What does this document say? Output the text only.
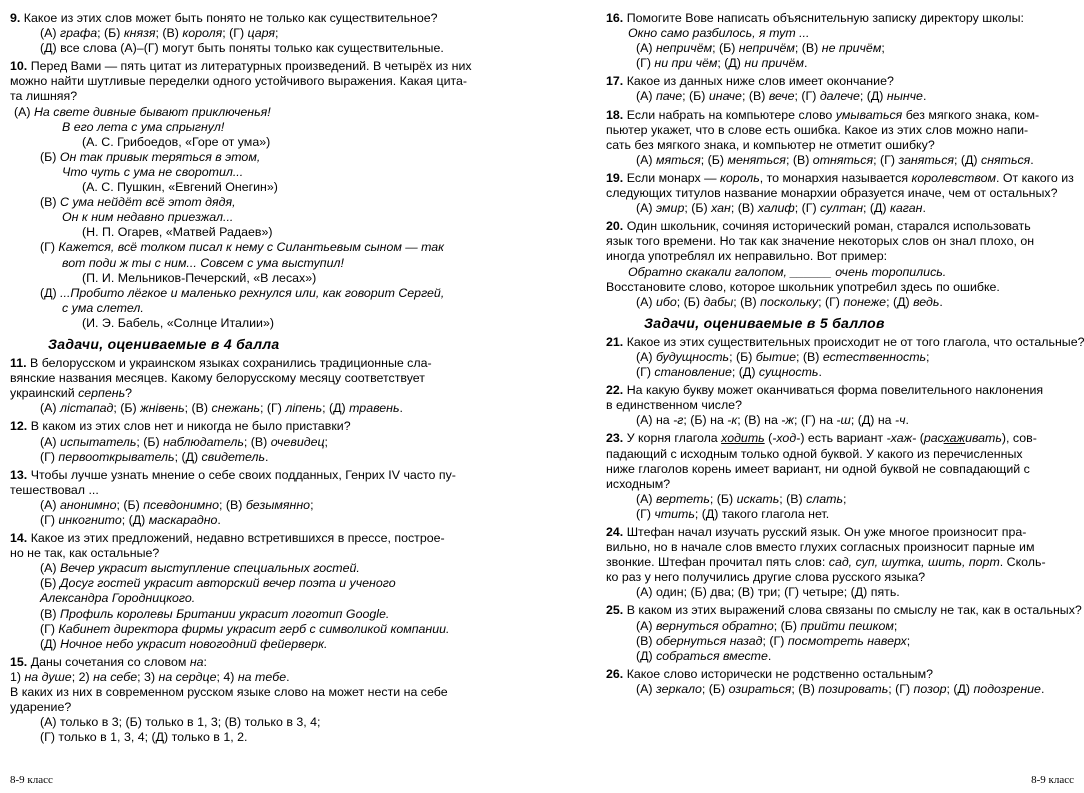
9. Какое из этих слов может быть понято не только как существительное?
(А) графа; (Б) князя; (В) короля; (Г) царя;
(Д) все слова (А)–(Г) могут быть поняты только как существительные.
10. Перед Вами — пять цитат из литературных произведений. В четырёх из них
можно найти шутливые переделки одного устойчивого выражения. Какая цита-
та лишняя?
(А) На свете дивные бывают приключенья!
В его лета с ума спрыгнул!
(А. С. Грибоедов, «Горе от ума»)
(Б) Он так привык теряться в этом,
Что чуть с ума не своротил...
(А. С. Пушкин, «Евгений Онегин»)
(В) С ума нейдёт всё этот дядя,
Он к ним недавно приезжал...
(Н. П. Огарев, «Матвей Радаев»)
(Г) Кажется, всё толком писал к нему с Силантьевым сыном — так
вот поди ж ты с ним... Совсем с ума выступил!
(П. И. Мельников-Печерский, «В лесах»)
(Д) ...Пробито лёгкое и маленько рехнулся или, как говорит Сергей,
с ума слетел.
(И. Э. Бабель, «Солнце Италии»)
Задачи, оцениваемые в 4 балла
11. В белорусском и украинском языках сохранились традиционные сла-
вянские названия месяцев. Какому белорусскому месяцу соответствует
украинский серпень?
(А) лістапад; (Б) жнівень; (В) снежань; (Г) ліпень; (Д) травень.
12. В каком из этих слов нет и никогда не было приставки?
(А) испытатель; (Б) наблюдатель; (В) очевидец;
(Г) первооткрыватель; (Д) свидетель.
13. Чтобы лучше узнать мнение о себе своих подданных, Генрих IV часто пу-
тешествовал ...
(А) анонимно; (Б) псевдонимно; (В) безымянно;
(Г) инкогнито; (Д) маскарадно.
14. Какое из этих предложений, недавно встретившихся в прессе, построе-
но не так, как остальные?
(А) Вечер украсит выступление специальных гостей.
(Б) Досуг гостей украсит авторский вечер поэта и ученого
Александра Городницкого.
(В) Профиль королевы Британии украсит логотип Google.
(Г) Кабинет директора фирмы украсит герб с символикой компании.
(Д) Ночное небо украсит новогодний фейерверк.
15. Даны сочетания со словом на:
1) на душе; 2) на себе; 3) на сердце; 4) на тебе.
В каких из них в современном русском языке слово на может нести на себе
ударение?
(А) только в 3; (Б) только в 1, 3; (В) только в 3, 4;
(Г) только в 1, 3, 4; (Д) только в 1, 2.
16. Помогите Вове написать объяснительную записку директору школы:
Окно само разбилось, я тут ...
(А) непричём; (Б) непричём; (В) не причём;
(Г) ни при чём; (Д) ни причём.
17. Какое из данных ниже слов имеет окончание?
(А) паче; (Б) иначе; (В) вече; (Г) далече; (Д) нынче.
18. Если набрать на компьютере слово умываться без мягкого знака, ком-
пьютер укажет, что в слове есть ошибка. Какое из этих слов можно напи-
сать без мягкого знака, и компьютер не отметит ошибку?
(А) мяться; (Б) меняться; (В) отняться; (Г) заняться; (Д) сняться.
19. Если монарх — король, то монархия называется королевством. От какого из
следующих титулов название монархии образуется иначе, чем от остальных?
(А) эмир; (Б) хан; (В) халиф; (Г) султан; (Д) каган.
20. Один школьник, сочиняя исторический роман, старался использовать
язык того времени. Но так как значение некоторых слов он знал плохо, он
иногда употреблял их неправильно. Вот пример:
Обратно скакали галопом, ______ очень торопились.
Восстановите слово, которое школьник употребил здесь по ошибке.
(А) ибо; (Б) дабы; (В) поскольку; (Г) понеже; (Д) ведь.
Задачи, оцениваемые в 5 баллов
21. Какое из этих существительных происходит не от того глагола, что остальные?
(А) будущность; (Б) бытие; (В) естественность;
(Г) становление; (Д) сущность.
22. На какую букву может оканчиваться форма повелительного наклонения
в единственном числе?
(А) на -г; (Б) на -к; (В) на -ж; (Г) на -ш; (Д) на -ч.
23. У корня глагола ходить (-ход-) есть вариант -хаж- (расхаживать), сов-
падающий с исходным только одной буквой. У какого из перечисленных
ниже глаголов корень имеет вариант, ни одной буквой не совпадающий с
исходным?
(А) вертеть; (Б) искать; (В) слать;
(Г) чтить; (Д) такого глагола нет.
24. Штефан начал изучать русский язык. Он уже многое произносит пра-
вильно, но в начале слов вместо глухих согласных произносит парные им
звонкие. Штефан прочитал пять слов: сад, суп, шутка, шить, порт. Сколь-
ко раз у него получились другие слова русского языка?
(А) один; (Б) два; (В) три; (Г) четыре; (Д) пять.
25. В каком из этих выражений слова связаны по смыслу не так, как в остальных?
(А) вернуться обратно; (Б) прийти пешком;
(В) обернуться назад; (Г) посмотреть наверх;
(Д) собраться вместе.
26. Какое слово исторически не родственно остальным?
(А) зеркало; (Б) озираться; (В) позировать; (Г) позор; (Д) подозрение.
8-9 класс	8-9 класс
